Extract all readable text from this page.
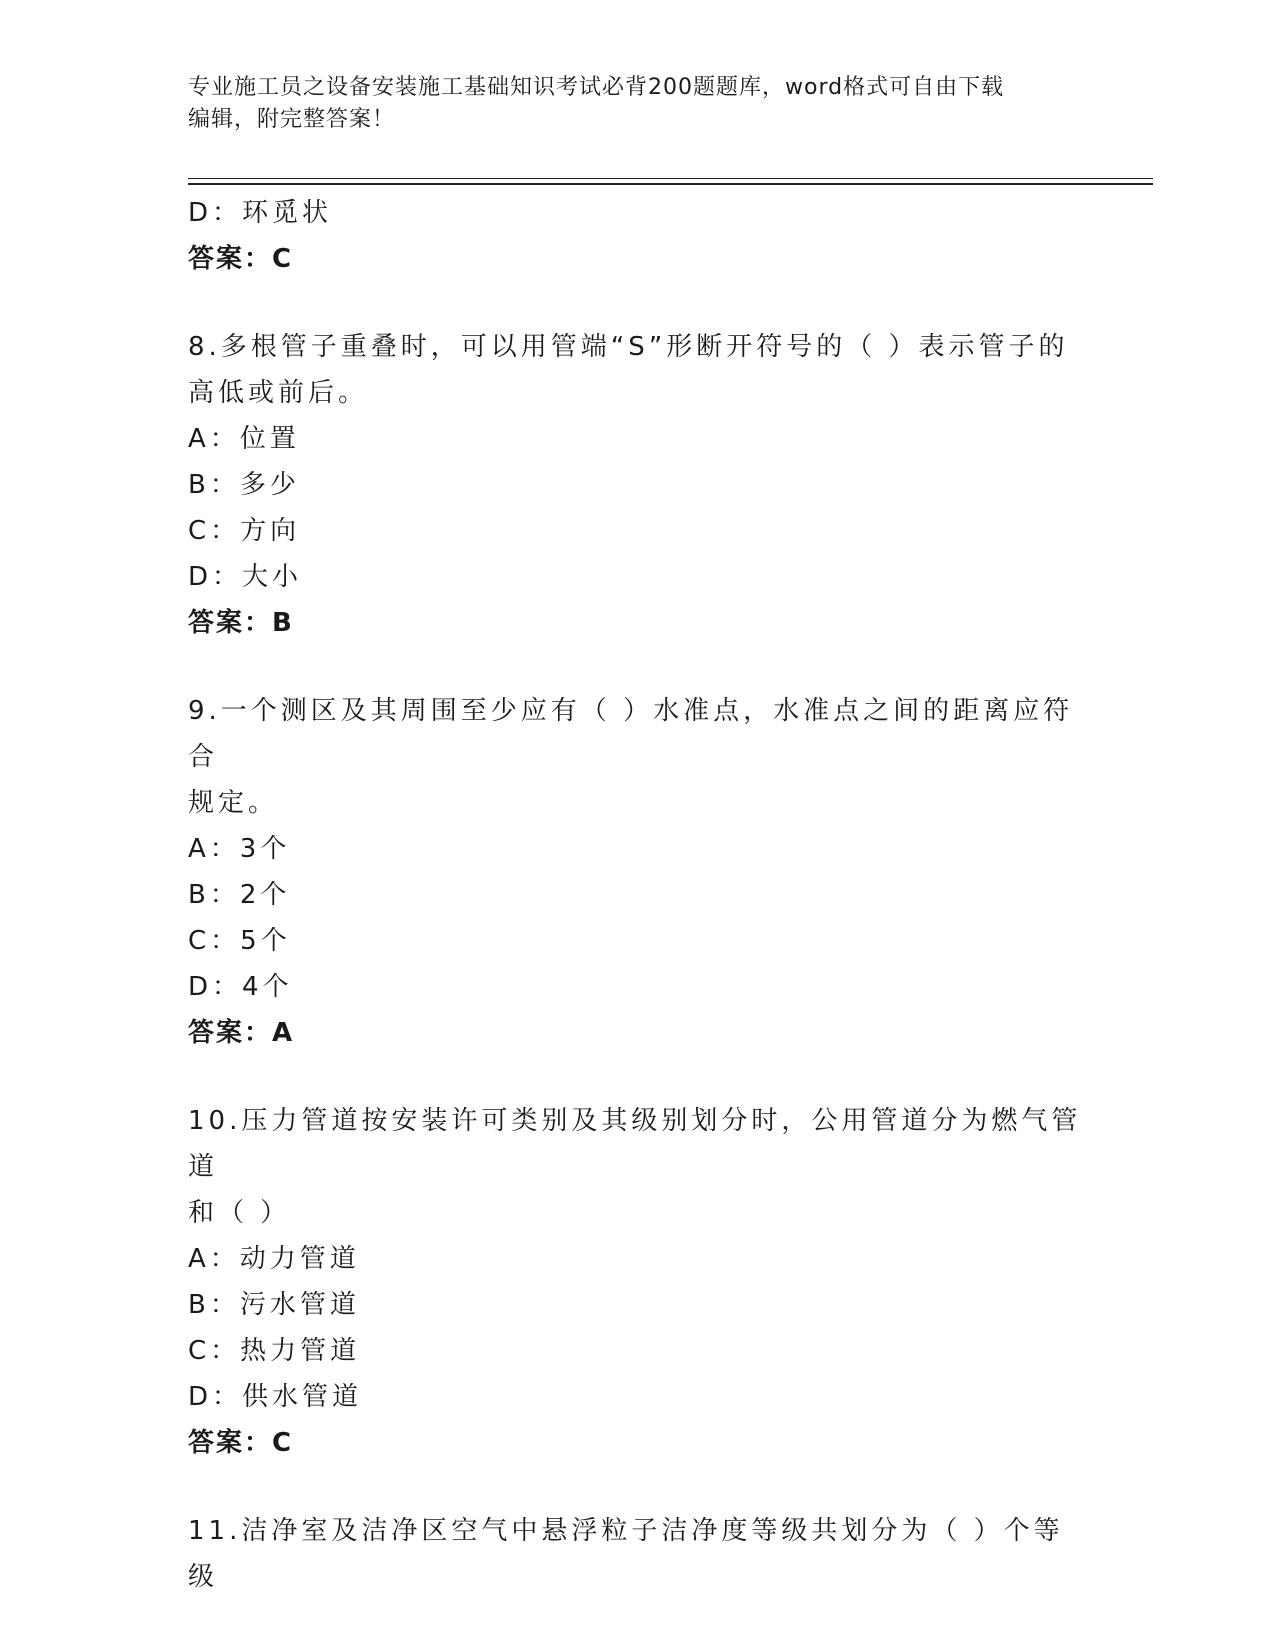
专业施工员之设备安装施工基础知识考试必背200题题库，word格式可自由下载
编辑，附完整答案！
D：环觅状
答案：C
8.多根管子重叠时，可以用管端“S”形断开符号的（ ）表示管子的
高低或前后。
A：位置
B：多少
C：方向
D：大小
答案：B
9.一个测区及其周围至少应有（ ）水准点，水准点之间的距离应符合
规定。
A：3个
B：2个
C：5个
D：4个
答案：A
10.压力管道按安装许可类别及其级别划分时，公用管道分为燃气管道
和（ ）
A：动力管道
B：污水管道
C：热力管道
D：供水管道
答案：C
11.洁净室及洁净区空气中悬浮粒子洁净度等级共划分为（ ）个等级
